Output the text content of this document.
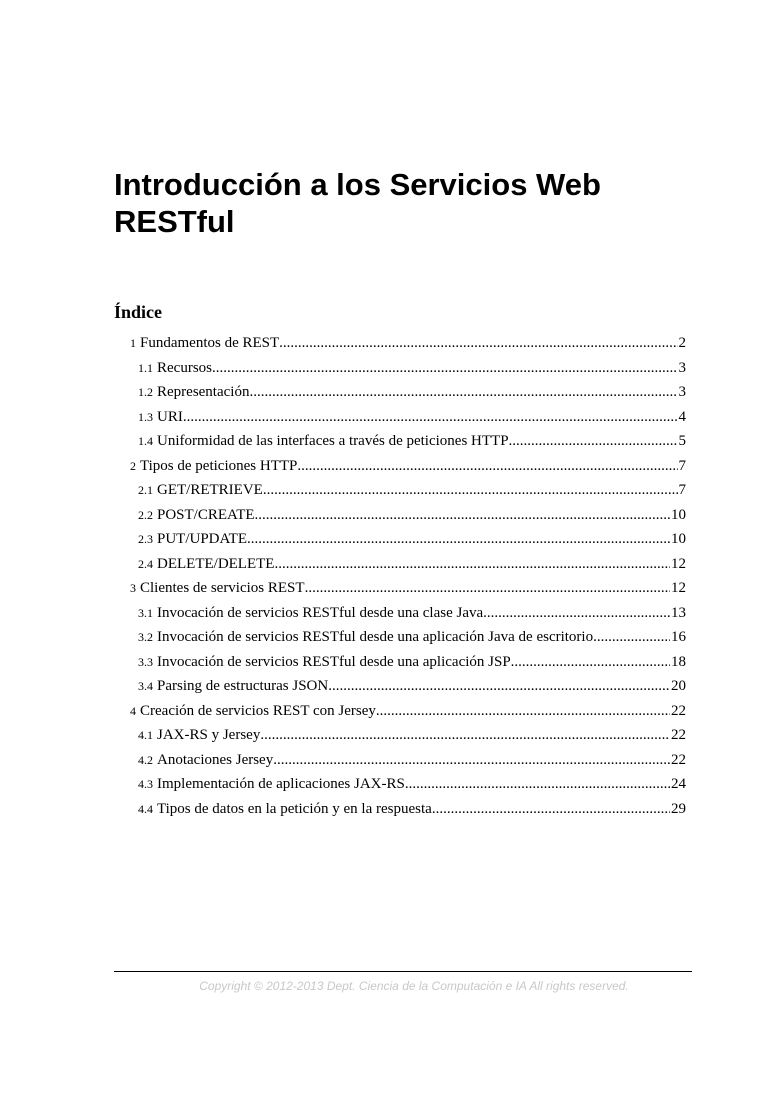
Introducción a los Servicios Web
RESTful
Índice
1 Fundamentos de REST .....	2
1.1 Recursos .....	3
1.2 Representación .....	3
1.3 URI .....	4
1.4 Uniformidad de las interfaces a través de peticiones HTTP .....	5
2 Tipos de peticiones HTTP .....	7
2.1 GET/RETRIEVE .....	7
2.2 POST/CREATE .....	10
2.3 PUT/UPDATE .....	10
2.4 DELETE/DELETE .....	12
3 Clientes de servicios REST .....	12
3.1 Invocación de servicios RESTful desde una clase Java .....	13
3.2 Invocación de servicios RESTful desde una aplicación Java de escritorio .....	16
3.3 Invocación de servicios RESTful desde una aplicación JSP .....	18
3.4 Parsing de estructuras JSON .....	20
4 Creación de servicios REST con Jersey .....	22
4.1 JAX-RS y Jersey .....	22
4.2 Anotaciones Jersey .....	22
4.3 Implementación de aplicaciones JAX-RS .....	24
4.4 Tipos de datos en la petición y en la respuesta .....	29
Copyright © 2012-2013 Dept. Ciencia de la Computación e IA All rights reserved.
